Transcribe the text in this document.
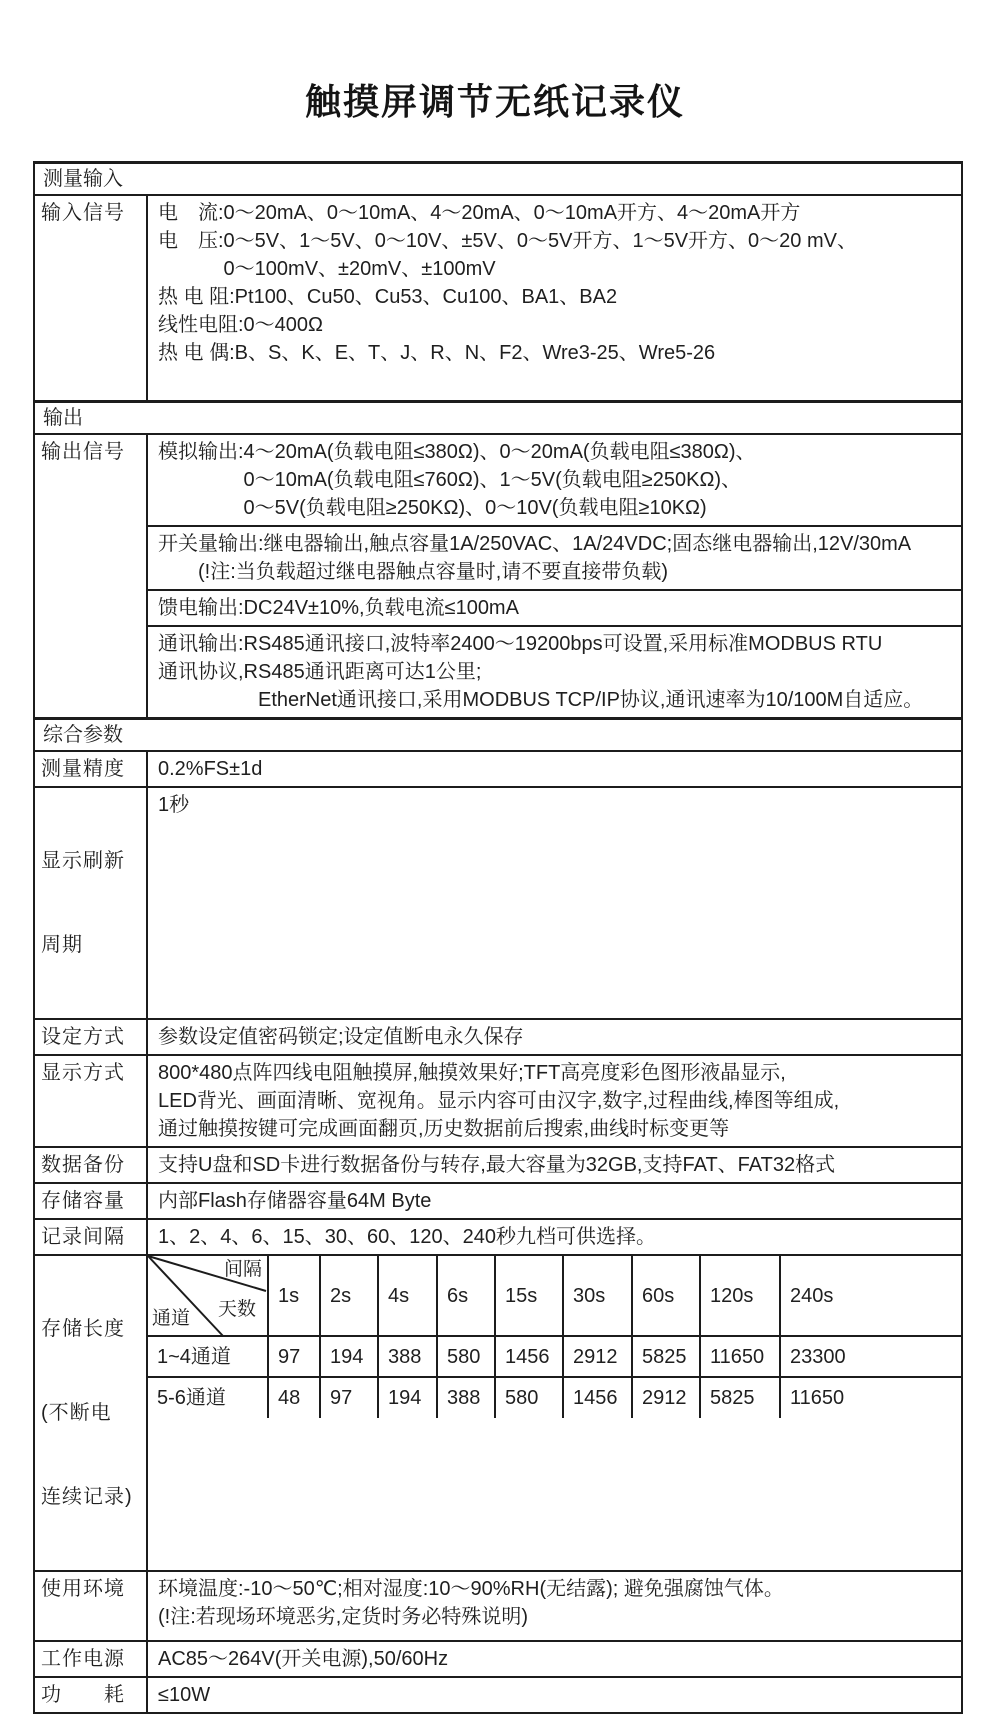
触摸屏调节无纸记录仪
测量输入
输入信号	电　流:0～20mA、0～10mA、4～20mA、0～10mA开方、4～20mA开方
电　压:0～5V、1～5V、0～10V、±5V、0～5V开方、1～5V开方、0～20 mV、
　　　 0～100mV、±20mV、±100mV
热 电 阻:Pt100、Cu50、Cu53、Cu100、BA1、BA2
线性电阻:0～400Ω
热 电 偶:B、S、K、E、T、J、R、N、F2、Wre3-25、Wre5-26

输出
输出信号	模拟输出:4～20mA(负载电阻≤380Ω)、0～20mA(负载电阻≤380Ω)、
　　　　 0～10mA(负载电阻≤760Ω)、1～5V(负载电阻≥250KΩ)、
　　　　 0～5V(负载电阻≥250KΩ)、0～10V(负载电阻≥10KΩ)

开关量输出:继电器输出,触点容量1A/250VAC、1A/24VDC;固态继电器输出,12V/30mA
　　(!注:当负载超过继电器触点容量时,请不要直接带负载)

馈电输出:DC24V±10%,负载电流≤100mA

通讯输出:RS485通讯接口,波特率2400～19200bps可设置,采用标准MODBUS RTU
通讯协议,RS485通讯距离可达1公里;
　　　　　EtherNet通讯接口,采用MODBUS TCP/IP协议,通讯速率为10/100M自适应。

综合参数
测量精度	0.2%FS±1d

显示刷新

周期

1秒

设定方式	参数设定值密码锁定;设定值断电永久保存
显示方式	800*480点阵四线电阻触摸屏,触摸效果好;TFT高亮度彩色图形液晶显示,
LED背光、画面清晰、宽视角。显示内容可由汉字,数字,过程曲线,棒图等组成,
通过触摸按键可完成画面翻页,历史数据前后搜索,曲线时标变更等

数据备份	支持U盘和SD卡进行数据备份与转存,最大容量为32GB,支持FAT、FAT32格式
存储容量	内部Flash存储器容量64M Byte
记录间隔	1、2、4、6、15、30、60、120、240秒九档可供选择。

存储长度

(不断电

连续记录)

间隔
天数
通道
	1s	2s	4s	6s	15s	30s	60s	120s	240s
1~4通道	97	194	388	580	1456	2912	5825	11650	23300
5-6通道	48	97	194	388	580	1456	2912	5825	11650

使用环境	环境温度:-10～50℃;相对湿度:10～90%RH(无结露); 避免强腐蚀气体。
(!注:若现场环境恶劣,定货时务必特殊说明)

工作电源	AC85～264V(开关电源),50/60Hz
功　　耗	≤10W
